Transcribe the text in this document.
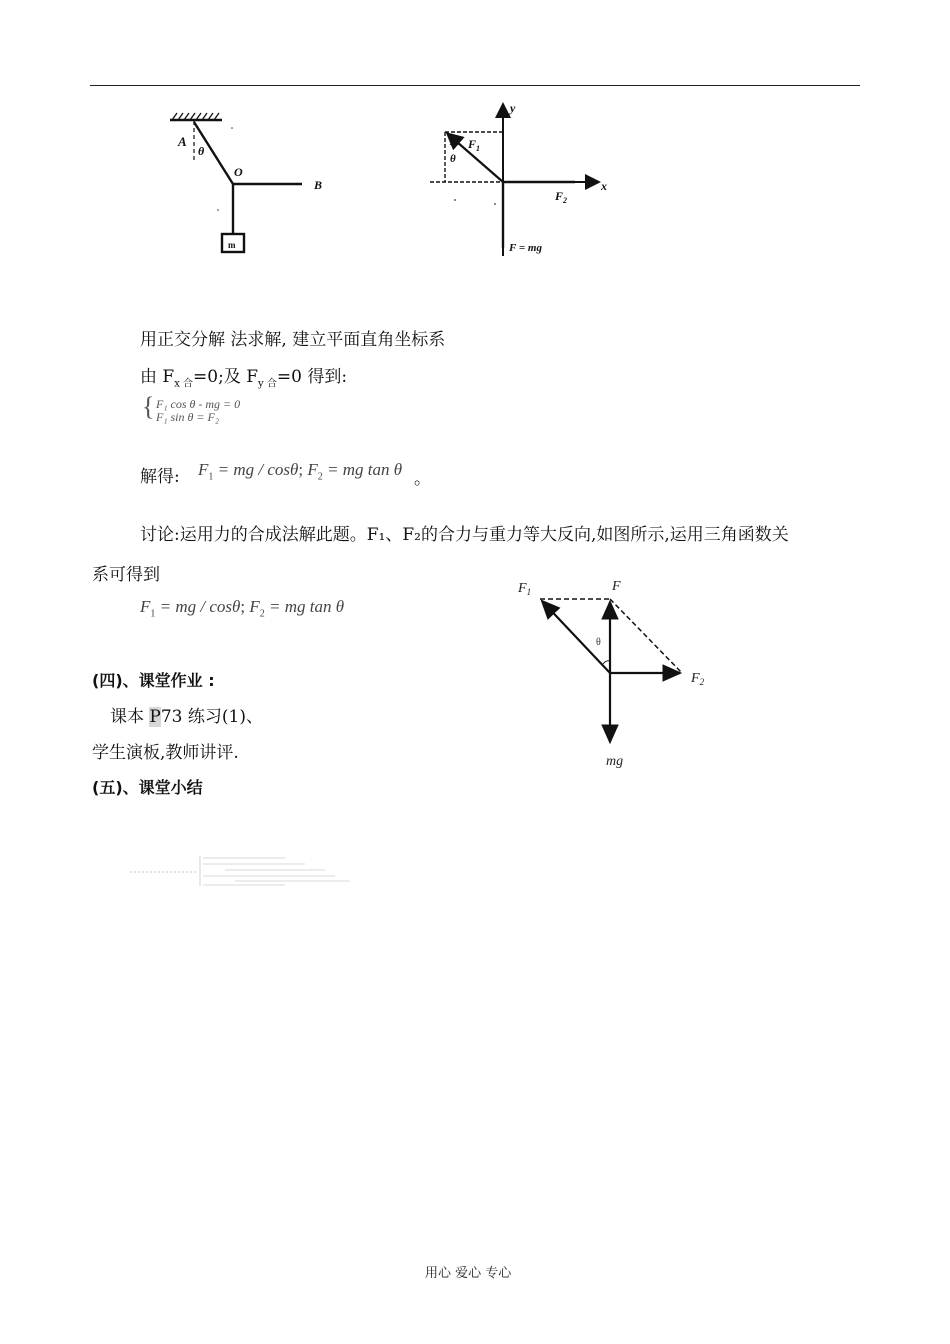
m
A
θ
O
B
y
x
$F_1$
θ
$F_2$
F = mg
用正交分解 法求解, 建立平面直角坐标系
由 $F_{x 合}=0$;及 $F_{y 合}=0$ 得到:
{ F₁ cos θ - mg = 0
F₁ sin θ = F₂
解得: $F_1$ = mg / cosθ; $F_2$ = mg tan θ 。
讨论:运用力的合成法解此题。F₁、F₂的合力与重力等大反向,如图所示,运用三角函数关
系可得到
$F_1$ = mg / cosθ; $F_2$ = mg tan θ
$F_1$	F
$F_2$
θ
mg
(四)、课堂作业 :
课本 P73 练习(1)、
学生演板,教师讲评.
(五)、课堂小结
用心 爱心 专心
